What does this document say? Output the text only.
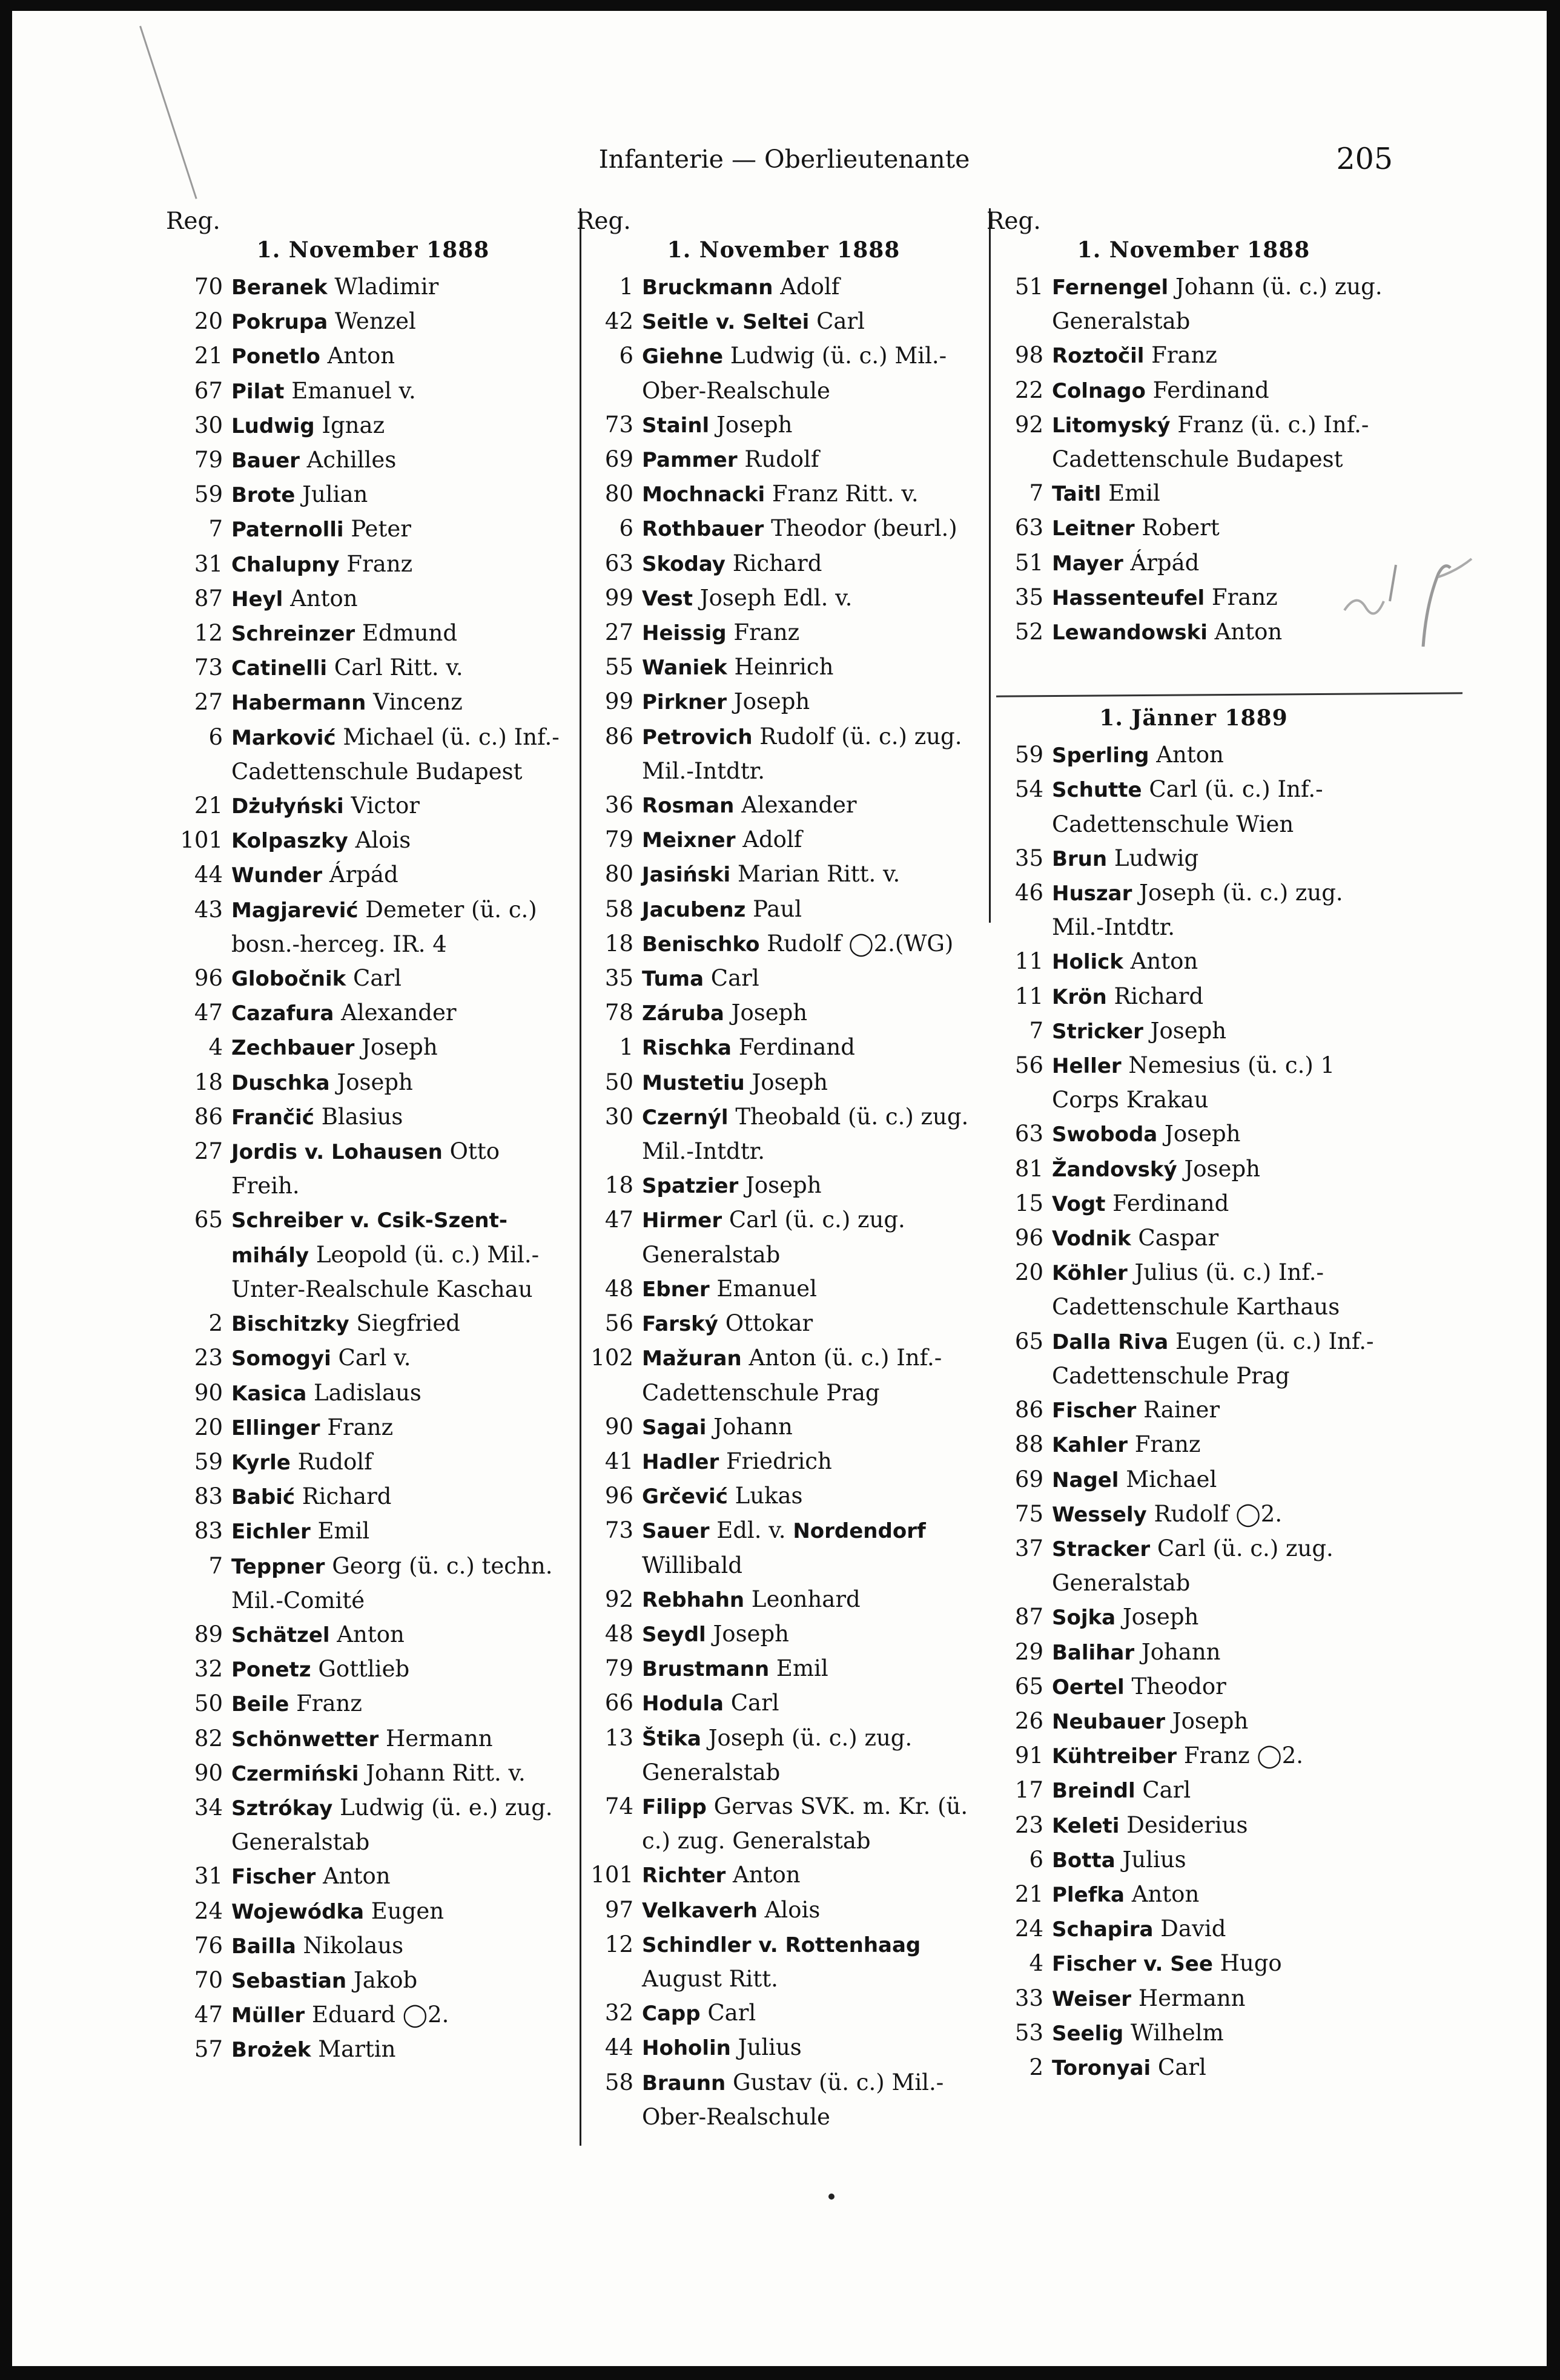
Infanterie — Oberlieutenante	205
Reg.
1. November 1888
70 Beranek Wladimir
20 Pokrupa Wenzel
21 Ponetlo Anton
67 Pilat Emanuel v.
30 Ludwig Ignaz
79 Bauer Achilles
59 Brote Julian
7 Paternolli Peter
31 Chalupny Franz
87 Heyl Anton
12 Schreinzer Edmund
73 Catinelli Carl Ritt. v.
27 Habermann Vincenz
6 Marković Michael (ü. c.) Inf.-Cadettenschule Budapest
21 Dżułyński Victor
101 Kolpaszky Alois
44 Wunder Árpád
43 Magjarević Demeter (ü. c.) bosn.-herceg. IR. 4
96 Globočnik Carl
47 Cazafura Alexander
4 Zechbauer Joseph
18 Duschka Joseph
86 Frančić Blasius
27 Jordis v. Lohausen Otto Freih.
65 Schreiber v. Csik-Szent-mihály Leopold (ü. c.) Mil.-Unter-Realschule Kaschau
2 Bischitzky Siegfried
23 Somogyi Carl v.
90 Kasica Ladislaus
20 Ellinger Franz
59 Kyrle Rudolf
83 Babić Richard
83 Eichler Emil
7 Teppner Georg (ü. c.) techn. Mil.-Comité
89 Schätzel Anton
32 Ponetz Gottlieb
50 Beile Franz
82 Schönwetter Hermann
90 Czermiński Johann Ritt. v.
34 Sztrókay Ludwig (ü. e.) zug. Generalstab
31 Fischer Anton
24 Wojewódka Eugen
76 Bailla Nikolaus
70 Sebastian Jakob
47 Müller Eduard ◯2.
57 Brożek Martin
Reg.
1. November 1888
1 Bruckmann Adolf
42 Seitle v. Seltei Carl
6 Giehne Ludwig (ü. c.) Mil.-Ober-Realschule
73 Stainl Joseph
69 Pammer Rudolf
80 Mochnacki Franz Ritt. v.
6 Rothbauer Theodor (beurl.)
63 Skoday Richard
99 Vest Joseph Edl. v.
27 Heissig Franz
55 Waniek Heinrich
99 Pirkner Joseph
86 Petrovich Rudolf (ü. c.) zug. Mil.-Intdtr.
36 Rosman Alexander
79 Meixner Adolf
80 Jasiński Marian Ritt. v.
58 Jacubenz Paul
18 Benischko Rudolf ◯2.(WG)
35 Tuma Carl
78 Záruba Joseph
1 Rischka Ferdinand
50 Mustetiu Joseph
30 Czernýl Theobald (ü. c.) zug. Mil.-Intdtr.
18 Spatzier Joseph
47 Hirmer Carl (ü. c.) zug. Generalstab
48 Ebner Emanuel
56 Farský Ottokar
102 Mažuran Anton (ü. c.) Inf.-Cadettenschule Prag
90 Sagai Johann
41 Hadler Friedrich
96 Grčević Lukas
73 Sauer Edl. v. Nordendorf Willibald
92 Rebhahn Leonhard
48 Seydl Joseph
79 Brustmann Emil
66 Hodula Carl
13 Štika Joseph (ü. c.) zug. Generalstab
74 Filipp Gervas SVK. m. Kr. (ü. c.) zug. Generalstab
101 Richter Anton
97 Velkaverh Alois
12 Schindler v. Rottenhaag August Ritt.
32 Capp Carl
44 Hoholin Julius
58 Braunn Gustav (ü. c.) Mil.-Ober-Realschule
Reg.
1. November 1888
51 Fernengel Johann (ü. c.) zug. Generalstab
98 Roztočil Franz
22 Colnago Ferdinand
92 Litomyský Franz (ü. c.) Inf.-Cadettenschule Budapest
7 Taitl Emil
63 Leitner Robert
51 Mayer Árpád
35 Hassenteufel Franz
52 Lewandowski Anton
1. Jänner 1889
59 Sperling Anton
54 Schutte Carl (ü. c.) Inf.-Cadettenschule Wien
35 Brun Ludwig
46 Huszar Joseph (ü. c.) zug. Mil.-Intdtr.
11 Holick Anton
11 Krön Richard
7 Stricker Joseph
56 Heller Nemesius (ü. c.) 1 Corps Krakau
63 Swoboda Joseph
81 Žandovský Joseph
15 Vogt Ferdinand
96 Vodnik Caspar
20 Köhler Julius (ü. c.) Inf.-Cadettenschule Karthaus
65 Dalla Riva Eugen (ü. c.) Inf.-Cadettenschule Prag
86 Fischer Rainer
88 Kahler Franz
69 Nagel Michael
75 Wessely Rudolf ◯2.
37 Stracker Carl (ü. c.) zug. Generalstab
87 Sojka Joseph
29 Balihar Johann
65 Oertel Theodor
26 Neubauer Joseph
91 Kühtreiber Franz ◯2.
17 Breindl Carl
23 Keleti Desiderius
6 Botta Julius
21 Plefka Anton
24 Schapira David
4 Fischer v. See Hugo
33 Weiser Hermann
53 Seelig Wilhelm
2 Toronyai Carl
